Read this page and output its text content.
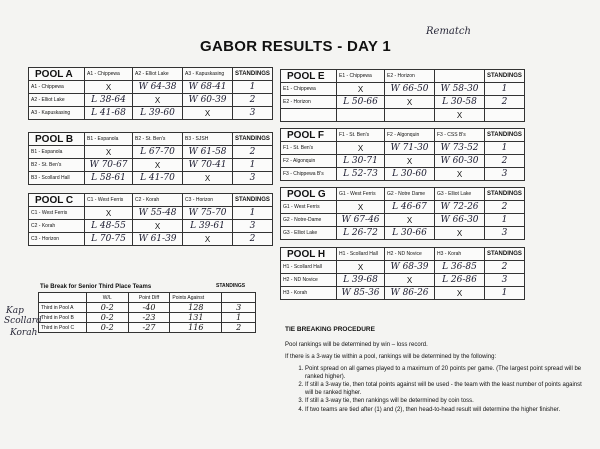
GABOR RESULTS - DAY 1
Rematch
POOL A	A1 - Chippewa	A2 - Elliot Lake	A3 - Kapuskasing	STANDINGS
A1 - Chippewa	X	W 64-38	W 68-41	1
A2 - Elliot Lake	L 38-64	X	W 60-39	2
A3 - Kapuskasing	L 41-68	L 39-60	X	3
POOL B	B1 - Espanola	B2 - St. Ben's	B3 - SJSH	STANDINGS
B1 - Espanola	X	L 67-70	W 61-58	2
B2 - St. Ben's	W 70-67	X	W 70-41	1
B3 - Scollard Hall	L 58-61	L 41-70	X	3
POOL C	C1 - West Ferris	C2 - Korah	C3 - Horizon	STANDINGS
C1 - West Ferris	X	W 55-48	W 75-70	1
C2 - Korah	L 48-55	X	L 39-61	3
C3 - Horizon	L 70-75	W 61-39	X	2
POOL E	E1 - Chippewa	E2 - Horizon		STANDINGS
E1 - Chippewa	X	W 66-50	W 58-30	1
E2 - Horizon	L 50-66	X	L 30-58	2
			X	
POOL F	F1 - St. Ben's	F2 - Algonquin	F3 - CSS B's	STANDINGS
F1 - St. Ben's	X	W 71-30	W 73-52	1
F2 - Algonquin	L 30-71	X	W 60-30	2
F3 - Chippewa B's	L 52-73	L 30-60	X	3
POOL G	G1 - West Ferris	G2 - Notre Dame	G3 - Elliot Lake	STANDINGS
G1 - West Ferris	X	L 46-67	W 72-26	2
G2 - Notre-Dame	W 67-46	X	W 66-30	1
G3 - Elliot Lake	L 26-72	L 30-66	X	3
POOL H	H1 - Scollard Hall	H2 - ND Novice	H3 - Korah	STANDINGS
H1 - Scollard Hall	X	W 68-39	L 36-85	2
H2 - ND Novice	L 39-68	X	L 26-86	3
H3 - Korah	W 85-36	W 86-26	X	1
Tie Break for Senior Third Place Teams	STANDINGS
	W/L	Point Diff	Points Against	
Third in Pool A	0-2	-40	128	3
Third in Pool B	0-2	-23	131	1
Third in Pool C	0-2	-27	116	2
Kap
Scollard
Korah	TIE BREAKING PROCEDURE

Pool rankings will be determined by win – loss record.

If there is a 3-way tie within a pool, rankings will be determined by the following:

1. Point spread on all games played to a maximum of 20 points per game. (The largest point spread will be ranked higher).
2. If still a 3-way tie, then total points against will be used - the team with the least number of points against will be ranked higher.
3. If still a 3-way tie, then rankings will be determined by coin toss.
4. If two teams are tied after (1) and (2), then head-to-head result will determine the higher finisher.
